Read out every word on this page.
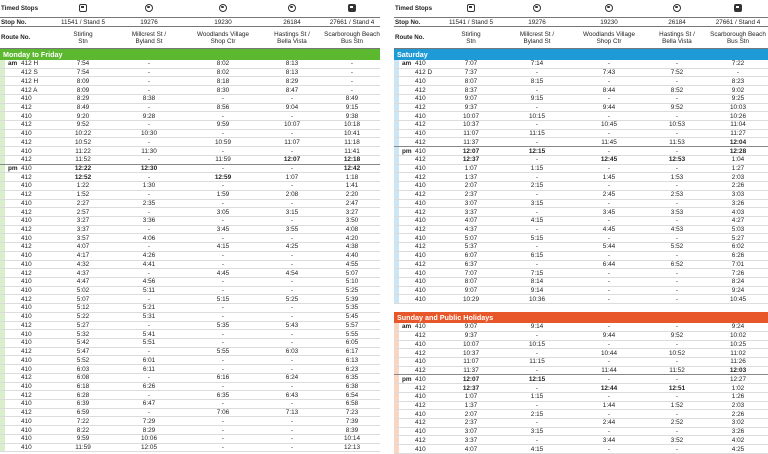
Timed Stops
Stop No.	11541 / Stand 5	19276	19230	26184	27661 / Stand 4
Route No.	Stirling
Stn
Millcrest St /
Byland St
Woodlands Village
Shop Ctr
Hastings St /
Bella Vista
Scarborough Beach
Bus Stn
Monday to Friday
am 412 H	7:54	-	8:02	8:13	-
412 S	7:54	-	8:02	8:13	-
412 H	8:09	-	8:18	8:29	-
412 A	8:09	-	8:30	8:47	-
410	8:29	8:38	-	-	8:49
412	8:49	-	8:56	9:04	9:15
410	9:20	9:28	-	-	9:38
412	9:52	-	9:59	10:07	10:18
410	10:22	10:30	-	-	10:41
412	10:52	-	10:59	11:07	11:18
410	11:22	11:30	-	-	11:41
412	11:52	-	11:59	12:07	12:18
pm 410	12:22	12:30	-	-	12:42
412	12:52	-	12:59	1:07	1:18
410	1:22	1:30	-	-	1:41
412	1:52	-	1:59	2:08	2:20
410	2:27	2:35	-	-	2:47
412	2:57	-	3:05	3:15	3:27
410	3:27	3:36	-	-	3:50
412	3:37	-	3:45	3:55	4:08
410	3:57	4:06	-	-	4:20
412	4:07	-	4:15	4:25	4:38
410	4:17	4:26	-	-	4:40
410	4:32	4:41	-	-	4:55
412	4:37	-	4:45	4:54	5:07
410	4:47	4:56	-	-	5:10
410	5:02	5:11	-	-	5:25
412	5:07	-	5:15	5:25	5:39
410	5:12	5:21	-	-	5:35
410	5:22	5:31	-	-	5:45
412	5:27	-	5:35	5:43	5:57
410	5:32	5:41	-	-	5:55
410	5:42	5:51	-	-	6:05
412	5:47	-	5:55	6:03	6:17
410	5:52	6:01	-	-	6:13
410	6:03	6:11	-	-	6:23
412	6:08	-	6:16	6:24	6:35
410	6:18	6:26	-	-	6:38
412	6:28	-	6:35	6:43	6:54
410	6:39	6:47	-	-	6:58
412	6:59	-	7:06	7:13	7:23
410	7:22	7:29	-	-	7:39
410	8:22	8:29	-	-	8:39
410	9:59	10:06	-	-	10:14
410	11:59	12:05	-	-	12:13
Timed Stops
Stop No.	11541 / Stand 5	19276	19230	26184	27661 / Stand 4
Route No.	Stirling
Stn
Millcrest St /
Byland St
Woodlands Village
Shop Ctr
Hastings St /
Bella Vista
Scarborough Beach
Bus Stn
Saturday
am 410	7:07	7:14	-	-	7:22
412 D	7:37	-	7:43	7:52	-
410	8:07	8:15	-	-	8:23
412	8:37	-	8:44	8:52	9:02
410	9:07	9:15	-	-	9:25
412	9:37	-	9:44	9:52	10:03
410	10:07	10:15	-	-	10:26
412	10:37	-	10:45	10:53	11:04
410	11:07	11:15	-	-	11:27
412	11:37	-	11:45	11:53	12:04
pm 410	12:07	12:15	-	-	12:28
412	12:37	-	12:45	12:53	1:04
410	1:07	1:15	-	-	1:27
412	1:37	-	1:45	1:53	2:03
410	2:07	2:15	-	-	2:26
412	2:37	-	2:45	2:53	3:03
410	3:07	3:15	-	-	3:26
412	3:37	-	3:45	3:53	4:03
410	4:07	4:15	-	-	4:27
412	4:37	-	4:45	4:53	5:03
410	5:07	5:15	-	-	5:27
412	5:37	-	5:44	5:52	6:02
410	6:07	6:15	-	-	6:26
412	6:37	-	6:44	6:52	7:01
410	7:07	7:15	-	-	7:26
410	8:07	8:14	-	-	8:24
410	9:07	9:14	-	-	9:24
410	10:29	10:36	-	-	10:45
Sunday and Public Holidays
am 410	9:07	9:14	-	-	9:24
412	9:37	-	9:44	9:52	10:02
410	10:07	10:15	-	-	10:25
412	10:37	-	10:44	10:52	11:02
410	11:07	11:15	-	-	11:26
412	11:37	-	11:44	11:52	12:03
pm 410	12:07	12:15	-	-	12:27
412	12:37	-	12:44	12:51	1:02
410	1:07	1:15	-	-	1:26
412	1:37	-	1:44	1:52	2:03
410	2:07	2:15	-	-	2:26
412	2:37	-	2:44	2:52	3:02
410	3:07	3:15	-	-	3:26
412	3:37	-	3:44	3:52	4:02
410	4:07	4:15	-	-	4:25
